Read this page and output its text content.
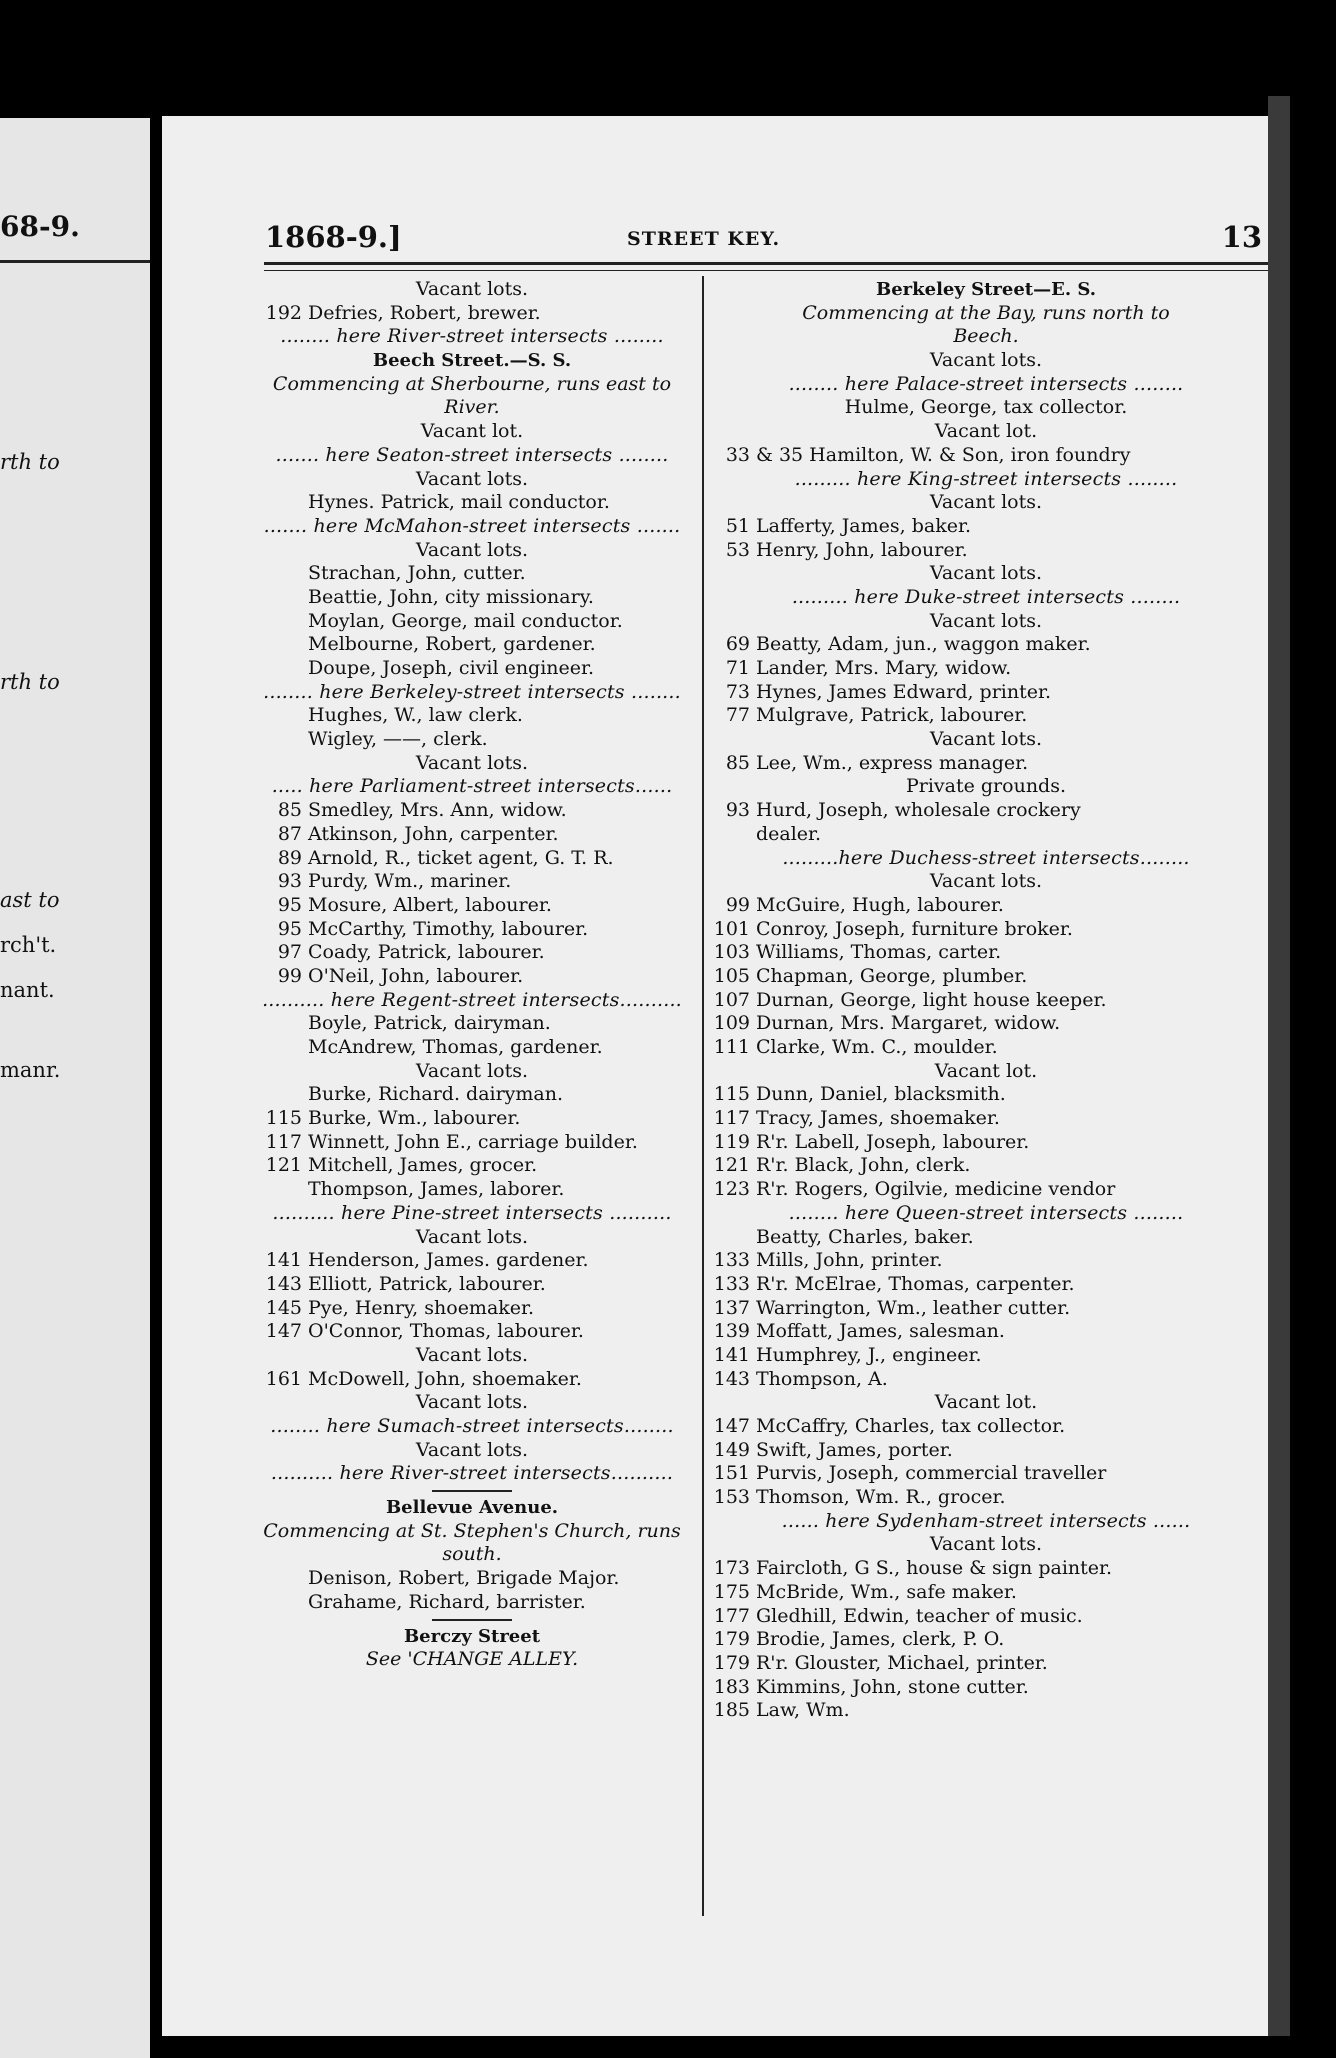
68-9.
rth to
rth to
ast to
rch't.
nant.
manr.
1868-9.]	STREET KEY.	13
Vacant lots.
192 Defries, Robert, brewer.
........ here River-street intersects ........
Beech Street.—S. S.
Commencing at Sherbourne, runs east to
River.
Vacant lot.
....... here Seaton-street intersects ........
Vacant lots.
Hynes. Patrick, mail conductor.
....... here McMahon-street intersects .......
Vacant lots.
Strachan, John, cutter.
Beattie, John, city missionary.
Moylan, George, mail conductor.
Melbourne, Robert, gardener.
Doupe, Joseph, civil engineer.
........ here Berkeley-street intersects ........
Hughes, W., law clerk.
Wigley, ——, clerk.
Vacant lots.
..... here Parliament-street intersects......
85 Smedley, Mrs. Ann, widow.
87 Atkinson, John, carpenter.
89 Arnold, R., ticket agent, G. T. R.
93 Purdy, Wm., mariner.
95 Mosure, Albert, labourer.
95 McCarthy, Timothy, labourer.
97 Coady, Patrick, labourer.
99 O'Neil, John, labourer.
.......... here Regent-street intersects..........
Boyle, Patrick, dairyman.
McAndrew, Thomas, gardener.
Vacant lots.
Burke, Richard. dairyman.
115 Burke, Wm., labourer.
117 Winnett, John E., carriage builder.
121 Mitchell, James, grocer.
Thompson, James, laborer.
.......... here Pine-street intersects ..........
Vacant lots.
141 Henderson, James. gardener.
143 Elliott, Patrick, labourer.
145 Pye, Henry, shoemaker.
147 O'Connor, Thomas, labourer.
Vacant lots.
161 McDowell, John, shoemaker.
Vacant lots.
........ here Sumach-street intersects........
Vacant lots.
.......... here River-street intersects..........
Bellevue Avenue.
Commencing at St. Stephen's Church, runs
south.
Denison, Robert, Brigade Major.
Grahame, Richard, barrister.
Berczy Street
See 'CHANGE ALLEY.
Berkeley Street—E. S.
Commencing at the Bay, runs north to
Beech.
Vacant lots.
........ here Palace-street intersects ........
Hulme, George, tax collector.
Vacant lot.
33 & 35 Hamilton, W. & Son, iron foundry
......... here King-street intersects ........
Vacant lots.
51 Lafferty, James, baker.
53 Henry, John, labourer.
Vacant lots.
......... here Duke-street intersects ........
Vacant lots.
69 Beatty, Adam, jun., waggon maker.
71 Lander, Mrs. Mary, widow.
73 Hynes, James Edward, printer.
77 Mulgrave, Patrick, labourer.
Vacant lots.
85 Lee, Wm., express manager.
Private grounds.
93 Hurd, Joseph, wholesale crockery
dealer.
.........here Duchess-street intersects........
Vacant lots.
99 McGuire, Hugh, labourer.
101 Conroy, Joseph, furniture broker.
103 Williams, Thomas, carter.
105 Chapman, George, plumber.
107 Durnan, George, light house keeper.
109 Durnan, Mrs. Margaret, widow.
111 Clarke, Wm. C., moulder.
Vacant lot.
115 Dunn, Daniel, blacksmith.
117 Tracy, James, shoemaker.
119 R'r. Labell, Joseph, labourer.
121 R'r. Black, John, clerk.
123 R'r. Rogers, Ogilvie, medicine vendor
........ here Queen-street intersects ........
Beatty, Charles, baker.
133 Mills, John, printer.
133 R'r. McElrae, Thomas, carpenter.
137 Warrington, Wm., leather cutter.
139 Moffatt, James, salesman.
141 Humphrey, J., engineer.
143 Thompson, A.
Vacant lot.
147 McCaffry, Charles, tax collector.
149 Swift, James, porter.
151 Purvis, Joseph, commercial traveller
153 Thomson, Wm. R., grocer.
...... here Sydenham-street intersects ......
Vacant lots.
173 Faircloth, G S., house & sign painter.
175 McBride, Wm., safe maker.
177 Gledhill, Edwin, teacher of music.
179 Brodie, James, clerk, P. O.
179 R'r. Glouster, Michael, printer.
183 Kimmins, John, stone cutter.
185 Law, Wm.
